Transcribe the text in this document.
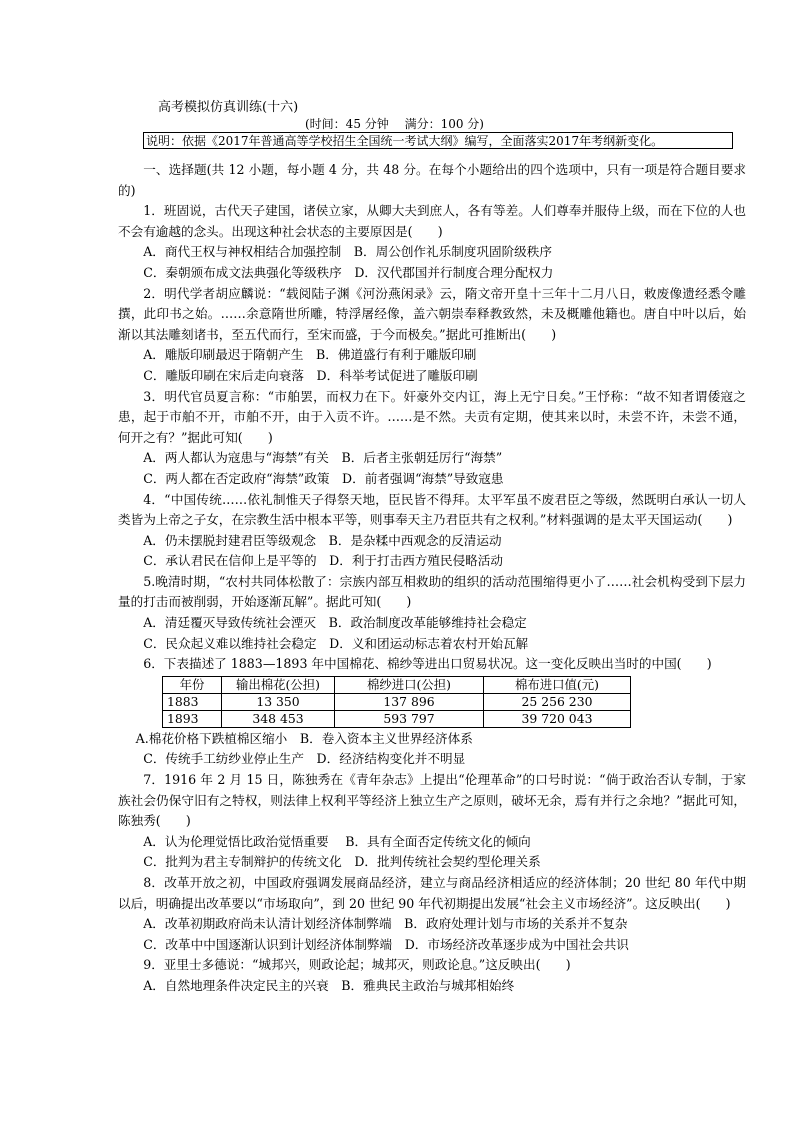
高考模拟仿真训练(十六)
(时间：45 分钟　 满分：100 分)
说明：依据《2017年普通高等学校招生全国统一考试大纲》编写，全面落实2017年考纲新变化。

一、选择题(共 12 小题，每小题 4 分，共 48 分。在每个小题给出的四个选项中，只有一项是符合题目要求的)

1．班固说，古代天子建国，诸侯立家，从卿大夫到庶人，各有等差。人们尊奉并服侍上级，而在下位的人也不会有逾越的念头。出现这种社会状态的主要原因是(　　)

A．商代王权与神权相结合加强控制　B．周公创作礼乐制度巩固阶级秩序

C．秦朝颁布成文法典强化等级秩序　D．汉代郡国并行制度合理分配权力

2．明代学者胡应麟说：“载阅陆子渊《河汾燕闲录》云，隋文帝开皇十三年十二月八日，敕废像遗经悉令雕撰，此印书之始。……余意隋世所雕，特浮屠经像，盖六朝崇奉释教致然，未及概雕他籍也。唐自中叶以后，始渐以其法雕刻诸书，至五代而行，至宋而盛，于今而极矣。”据此可推断出(　　)

A．雕版印刷最迟于隋朝产生　B．佛道盛行有利于雕版印刷

C．雕版印刷在宋后走向衰落　D．科举考试促进了雕版印刷

3．明代官员夏言称：“市舶罢，而权力在下。奸豪外交内讧，海上无宁日矣。”王忬称：“故不知者谓倭寇之患，起于市舶不开，市舶不开，由于入贡不许。……是不然。夫贡有定期，使其来以时，未尝不许，未尝不通，何开之有？”据此可知(　　)

A．两人都认为寇患与“海禁”有关　B．后者主张朝廷厉行“海禁”

C．两人都在否定政府“海禁”政策　D．前者强调“海禁”导致寇患

4．“中国传统……依礼制惟天子得祭天地，臣民皆不得拜。太平军虽不废君臣之等级，然既明白承认一切人类皆为上帝之子女，在宗教生活中根本平等，则事奉天主乃君臣共有之权利。”材料强调的是太平天国运动(　　)

A．仍未摆脱封建君臣等级观念　B．是杂糅中西观念的反清运动

C．承认君民在信仰上是平等的　D．利于打击西方殖民侵略活动

5.晚清时期，“农村共同体松散了：宗族内部互相救助的组织的活动范围缩得更小了……社会机构受到下层力量的打击而被削弱，开始逐渐瓦解”。据此可知(　　)

A．清廷覆灭导致传统社会湮灭　B．政治制度改革能够维持社会稳定

C．民众起义难以维持社会稳定　D．义和团运动标志着农村开始瓦解

6．下表描述了 1883—1893 年中国棉花、棉纱等进出口贸易状况。这一变化反映出当时的中国(　　)

年份	输出棉花(公担)	棉纱进口(公担)	棉布进口值(元)
1883	13 350	137 896	25 256 230
1893	348 453	593 797	39 720 043

A.棉花价格下跌植棉区缩小　B．卷入资本主义世界经济体系

C．传统手工纺纱业停止生产　D．经济结构变化并不明显

7．1916 年 2 月 15 日，陈独秀在《青年杂志》上提出“伦理革命”的口号时说：“倘于政治否认专制，于家族社会仍保守旧有之特权，则法律上权利平等经济上独立生产之原则，破坏无余，焉有并行之余地？”据此可知，陈独秀(　　)

A．认为伦理觉悟比政治觉悟重要　 B．具有全面否定传统文化的倾向

C．批判为君主专制辩护的传统文化　D．批判传统社会契约型伦理关系

8．改革开放之初，中国政府强调发展商品经济，建立与商品经济相适应的经济体制；20 世纪 80 年代中期以后，明确提出改革要以“市场取向”，到 20 世纪 90 年代初期提出发展“社会主义市场经济”。这反映出(　　)

A．改革初期政府尚未认清计划经济体制弊端　B．政府处理计划与市场的关系并不复杂

C．改革中中国逐渐认识到计划经济体制弊端　D．市场经济改革逐步成为中国社会共识

9．亚里士多德说：“城邦兴，则政论起；城邦灭，则政论息。”这反映出(　　)

A．自然地理条件决定民主的兴衰　B．雅典民主政治与城邦相始终
